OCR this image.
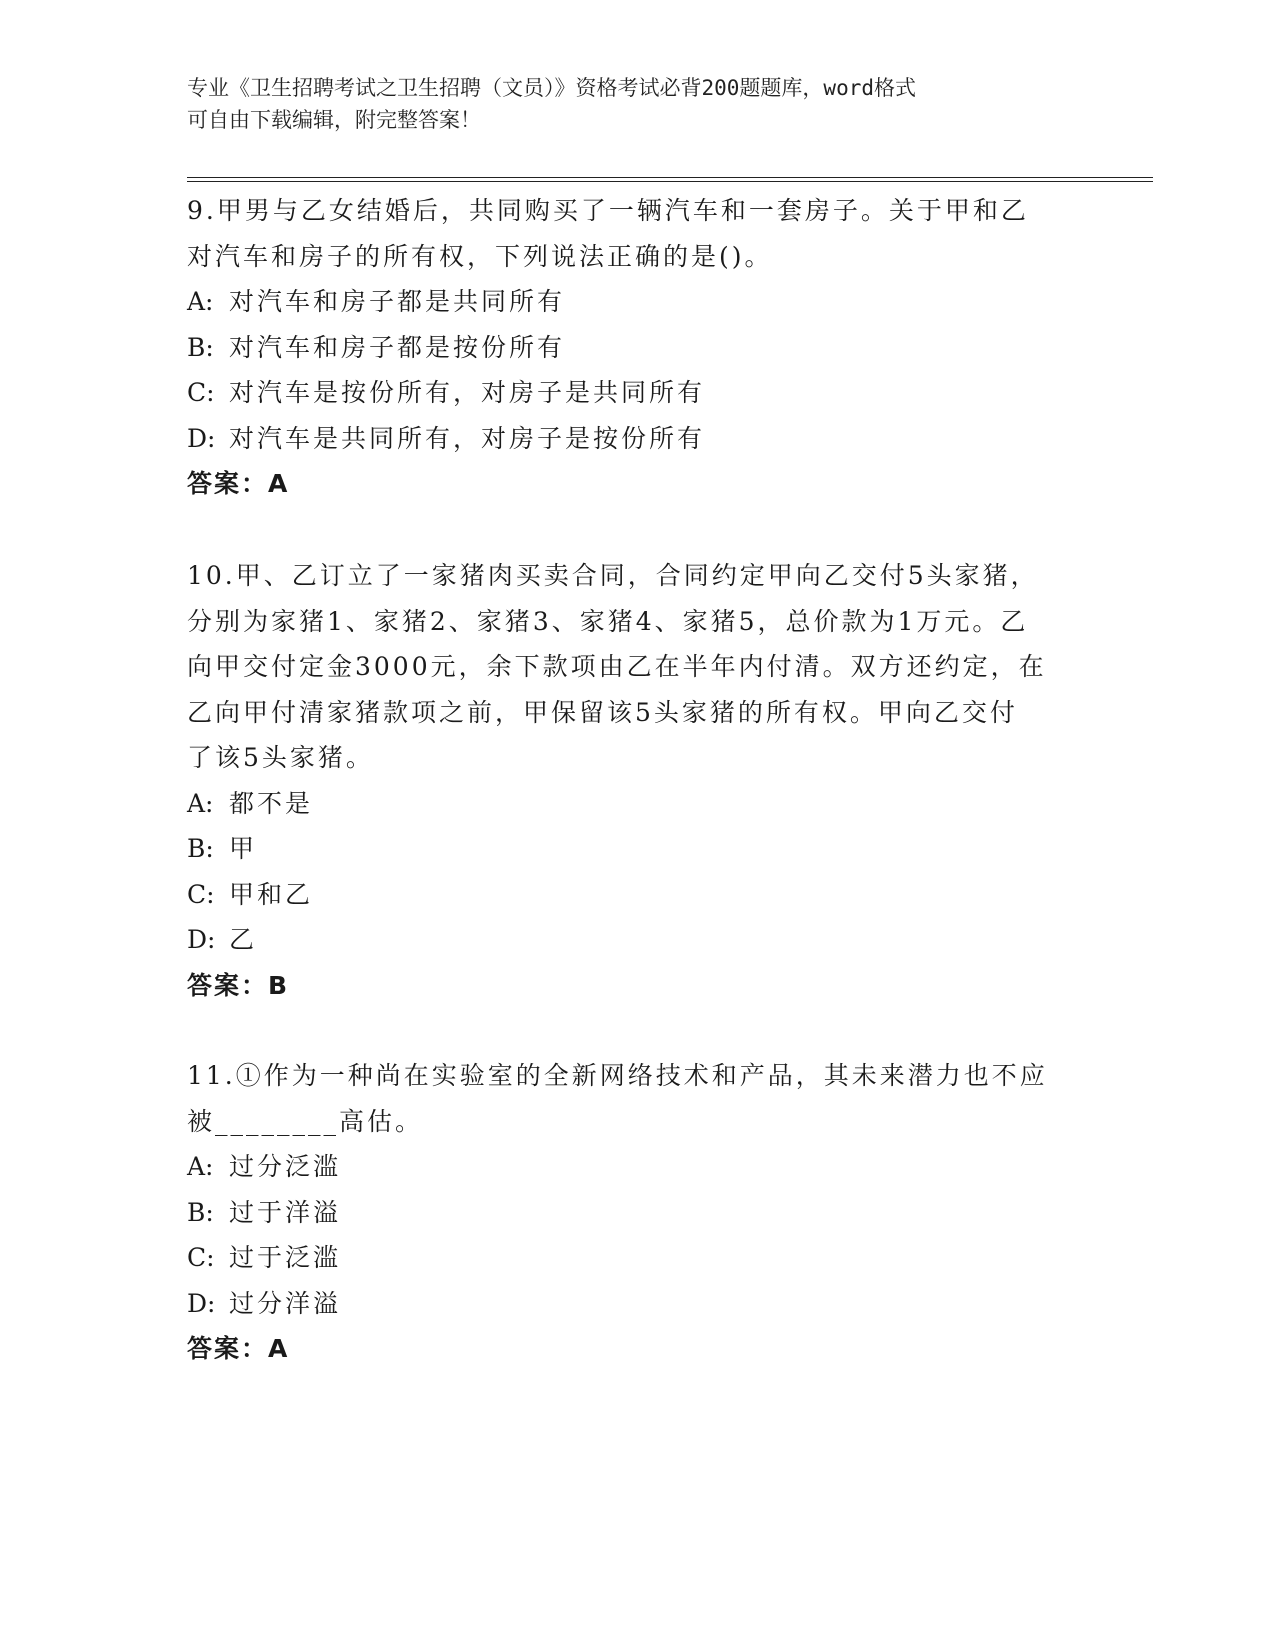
专业《卫生招聘考试之卫生招聘（文员）》资格考试必背200题题库，word格式
可自由下载编辑，附完整答案！
9.甲男与乙女结婚后，共同购买了一辆汽车和一套房子。关于甲和乙
对汽车和房子的所有权，下列说法正确的是()。
A: 对汽车和房子都是共同所有
B: 对汽车和房子都是按份所有
C: 对汽车是按份所有，对房子是共同所有
D: 对汽车是共同所有，对房子是按份所有
答案：A
10.甲、乙订立了一家猪肉买卖合同，合同约定甲向乙交付5头家猪，
分别为家猪1、家猪2、家猪3、家猪4、家猪5，总价款为1万元。乙
向甲交付定金3000元，余下款项由乙在半年内付清。双方还约定，在
乙向甲付清家猪款项之前，甲保留该5头家猪的所有权。甲向乙交付
了该5头家猪。
A: 都不是
B: 甲
C: 甲和乙
D: 乙
答案：B
11.①作为一种尚在实验室的全新网络技术和产品，其未来潜力也不应
被________高估。
A: 过分泛滥
B: 过于洋溢
C: 过于泛滥
D: 过分洋溢
答案：A
